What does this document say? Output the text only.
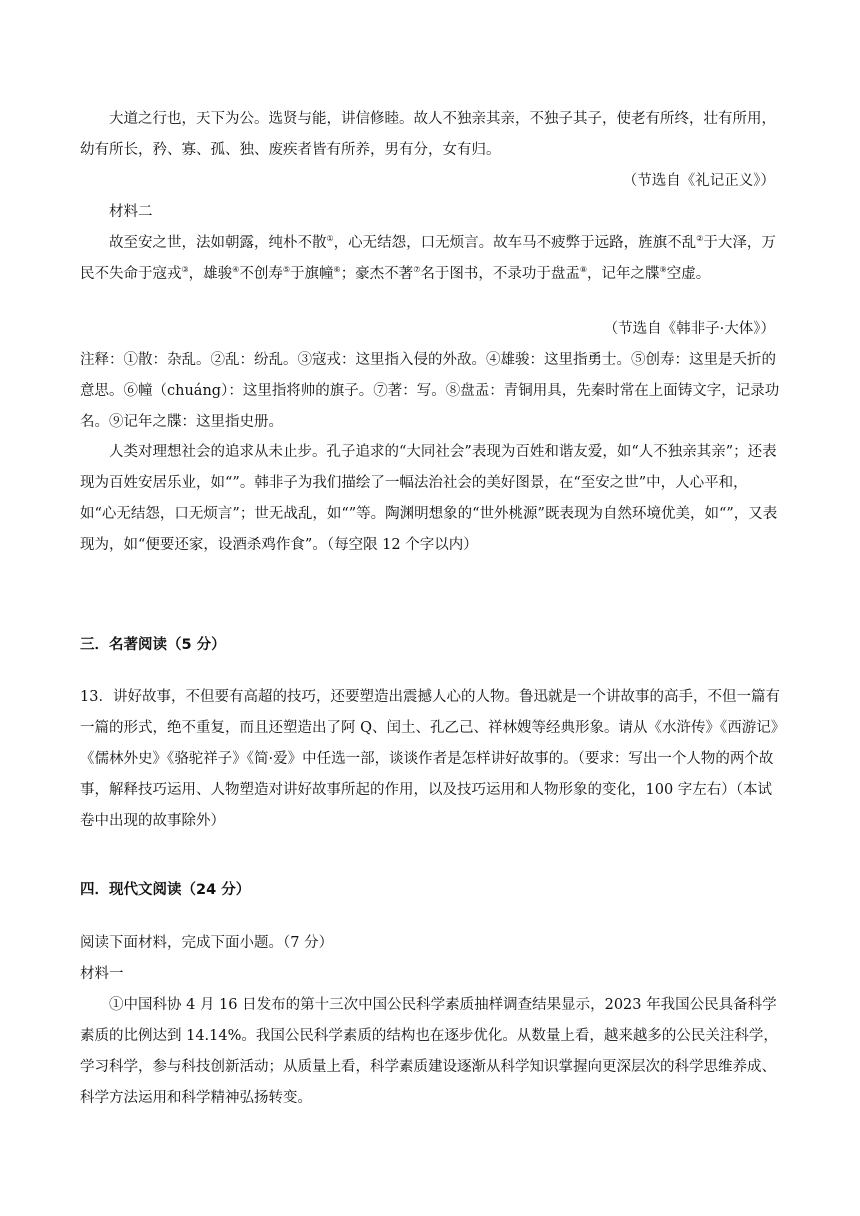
大道之行也，天下为公。选贤与能，讲信修睦。故人不独亲其亲，不独子其子，使老有所终，壮有所用，幼有所长，矜、寡、孤、独、废疾者皆有所养，男有分，女有归。

（节选自《礼记正义》）

材料二

故至安之世，法如朝露，纯朴不散①，心无结怨，口无烦言。故车马不疲弊于远路，旌旗不乱②于大泽，万民不失命于寇戎③，雄骏④不创寿⑤于旗幢⑥；豪杰不著⑦名于图书，不录功于盘盂⑧，记年之牒⑨空虚。

（节选自《韩非子·大体》）

注释：①散：杂乱。②乱：纷乱。③寇戎：这里指入侵的外敌。④雄骏：这里指勇士。⑤创寿：这里是夭折的意思。⑥幢（chuáng）：这里指将帅的旗子。⑦著：写。⑧盘盂：青铜用具，先秦时常在上面铸文字，记录功名。⑨记年之牒：这里指史册。

人类对理想社会的追求从未止步。孔子追求的“大同社会”表现为百姓和谐友爱，如“人不独亲其亲”；还表现为百姓安居乐业，如“”。韩非子为我们描绘了一幅法治社会的美好图景，在“至安之世”中，人心平和，如“心无结怨，口无烦言”；世无战乱，如“”等。陶渊明想象的“世外桃源”既表现为自然环境优美，如“”，又表现为，如“便要还家，设酒杀鸡作食”。（每空限 12 个字以内）

三．名著阅读（5 分）

13．讲好故事，不但要有高超的技巧，还要塑造出震撼人心的人物。鲁迅就是一个讲故事的高手，不但一篇有一篇的形式，绝不重复，而且还塑造出了阿 Q、闰土、孔乙己、祥林嫂等经典形象。请从《水浒传》《西游记》《儒林外史》《骆驼祥子》《简·爱》中任选一部，谈谈作者是怎样讲好故事的。（要求：写出一个人物的两个故事，解释技巧运用、人物塑造对讲好故事所起的作用，以及技巧运用和人物形象的变化，100 字左右）（本试卷中出现的故事除外）

四．现代文阅读（24 分）

阅读下面材料，完成下面小题。（7 分）

材料一

①中国科协 4 月 16 日发布的第十三次中国公民科学素质抽样调查结果显示，2023 年我国公民具备科学素质的比例达到 14.14%。我国公民科学素质的结构也在逐步优化。从数量上看，越来越多的公民关注科学，学习科学，参与科技创新活动；从质量上看，科学素质建设逐渐从科学知识掌握向更深层次的科学思维养成、科学方法运用和科学精神弘扬转变。
